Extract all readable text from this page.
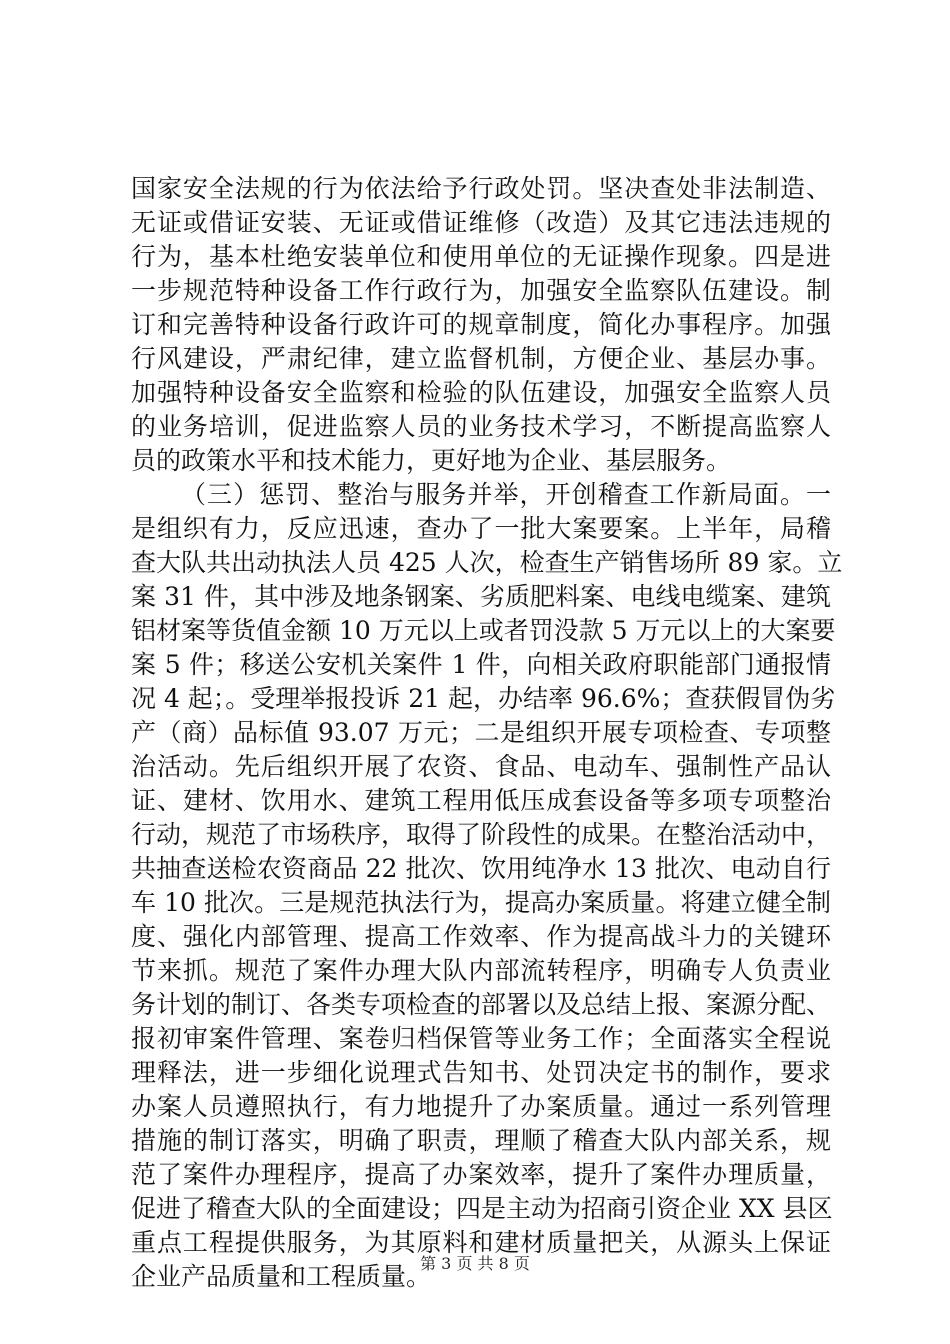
国家安全法规的行为依法给予行政处罚。坚决查处非法制造、
无证或借证安装、无证或借证维修（改造）及其它违法违规的
行为，基本杜绝安装单位和使用单位的无证操作现象。四是进
一步规范特种设备工作行政行为，加强安全监察队伍建设。制
订和完善特种设备行政许可的规章制度，简化办事程序。加强
行风建设，严肃纪律，建立监督机制，方便企业、基层办事。
加强特种设备安全监察和检验的队伍建设，加强安全监察人员
的业务培训，促进监察人员的业务技术学习，不断提高监察人
员的政策水平和技术能力，更好地为企业、基层服务。
（三）惩罚、整治与服务并举，开创稽查工作新局面。一
是组织有力，反应迅速，查办了一批大案要案。上半年，局稽
查大队共出动执法人员 425 人次，检查生产销售场所 89 家。立
案 31 件，其中涉及地条钢案、劣质肥料案、电线电缆案、建筑
铝材案等货值金额 10 万元以上或者罚没款 5 万元以上的大案要
案 5 件；移送公安机关案件 1 件，向相关政府职能部门通报情
况 4 起；。受理举报投诉 21 起，办结率 96.6%；查获假冒伪劣
产（商）品标值 93.07 万元；二是组织开展专项检查、专项整
治活动。先后组织开展了农资、食品、电动车、强制性产品认
证、建材、饮用水、建筑工程用低压成套设备等多项专项整治
行动，规范了市场秩序，取得了阶段性的成果。在整治活动中，
共抽查送检农资商品 22 批次、饮用纯净水 13 批次、电动自行
车 10 批次。三是规范执法行为，提高办案质量。将建立健全制
度、强化内部管理、提高工作效率、作为提高战斗力的关键环
节来抓。规范了案件办理大队内部流转程序，明确专人负责业
务计划的制订、各类专项检查的部署以及总结上报、案源分配、
报初审案件管理、案卷归档保管等业务工作；全面落实全程说
理释法，进一步细化说理式告知书、处罚决定书的制作，要求
办案人员遵照执行，有力地提升了办案质量。通过一系列管理
措施的制订落实，明确了职责，理顺了稽查大队内部关系，规
范了案件办理程序，提高了办案效率，提升了案件办理质量，
促进了稽查大队的全面建设；四是主动为招商引资企业 XX 县区
重点工程提供服务，为其原料和建材质量把关，从源头上保证
企业产品质量和工程质量。
第 3 页 共 8 页
